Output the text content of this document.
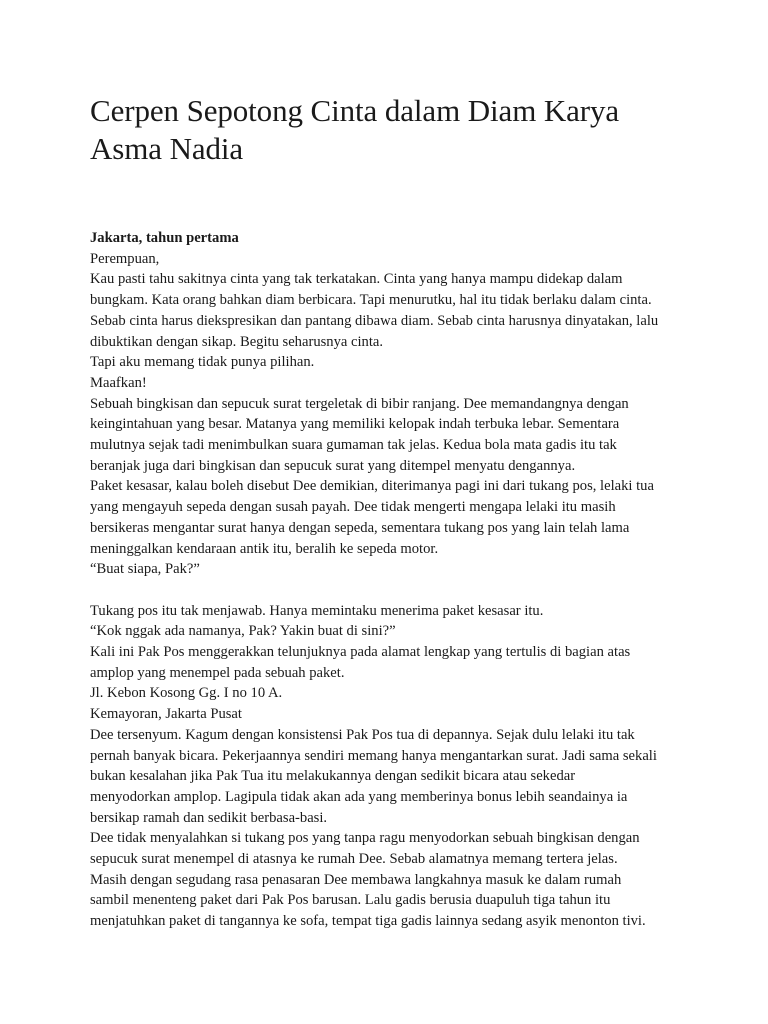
Cerpen Sepotong Cinta dalam Diam Karya
Asma Nadia
Jakarta, tahun pertama
Perempuan,
Kau pasti tahu sakitnya cinta yang tak terkatakan. Cinta yang hanya mampu didekap dalam
bungkam. Kata orang bahkan diam berbicara. Tapi menurutku, hal itu tidak berlaku dalam cinta.
Sebab cinta harus diekspresikan dan pantang dibawa diam. Sebab cinta harusnya dinyatakan, lalu
dibuktikan dengan sikap. Begitu seharusnya cinta.
Tapi aku memang tidak punya pilihan.
Maafkan!
Sebuah bingkisan dan sepucuk surat tergeletak di bibir ranjang. Dee memandangnya dengan
keingintahuan yang besar. Matanya yang memiliki kelopak indah terbuka lebar. Sementara
mulutnya sejak tadi menimbulkan suara gumaman tak jelas. Kedua bola mata gadis itu tak
beranjak juga dari bingkisan dan sepucuk surat yang ditempel menyatu dengannya.
Paket kesasar, kalau boleh disebut Dee demikian, diterimanya pagi ini dari tukang pos, lelaki tua
yang mengayuh sepeda dengan susah payah. Dee tidak mengerti mengapa lelaki itu masih
bersikeras mengantar surat hanya dengan sepeda, sementara tukang pos yang lain telah lama
meninggalkan kendaraan antik itu, beralih ke sepeda motor.
“Buat siapa, Pak?”
Tukang pos itu tak menjawab. Hanya memintaku menerima paket kesasar itu.
“Kok nggak ada namanya, Pak? Yakin buat di sini?”
Kali ini Pak Pos menggerakkan telunjuknya pada alamat lengkap yang tertulis di bagian atas
amplop yang menempel pada sebuah paket.
Jl. Kebon Kosong Gg. I no 10 A.
Kemayoran, Jakarta Pusat
Dee tersenyum. Kagum dengan konsistensi Pak Pos tua di depannya. Sejak dulu lelaki itu tak
pernah banyak bicara. Pekerjaannya sendiri memang hanya mengantarkan surat. Jadi sama sekali
bukan kesalahan jika Pak Tua itu melakukannya dengan sedikit bicara atau sekedar
menyodorkan amplop. Lagipula tidak akan ada yang memberinya bonus lebih seandainya ia
bersikap ramah dan sedikit berbasa-basi.
Dee tidak menyalahkan si tukang pos yang tanpa ragu menyodorkan sebuah bingkisan dengan
sepucuk surat menempel di atasnya ke rumah Dee. Sebab alamatnya memang tertera jelas.
Masih dengan segudang rasa penasaran Dee membawa langkahnya masuk ke dalam rumah
sambil menenteng paket dari Pak Pos barusan. Lalu gadis berusia duapuluh tiga tahun itu
menjatuhkan paket di tangannya ke sofa, tempat tiga gadis lainnya sedang asyik menonton tivi.
